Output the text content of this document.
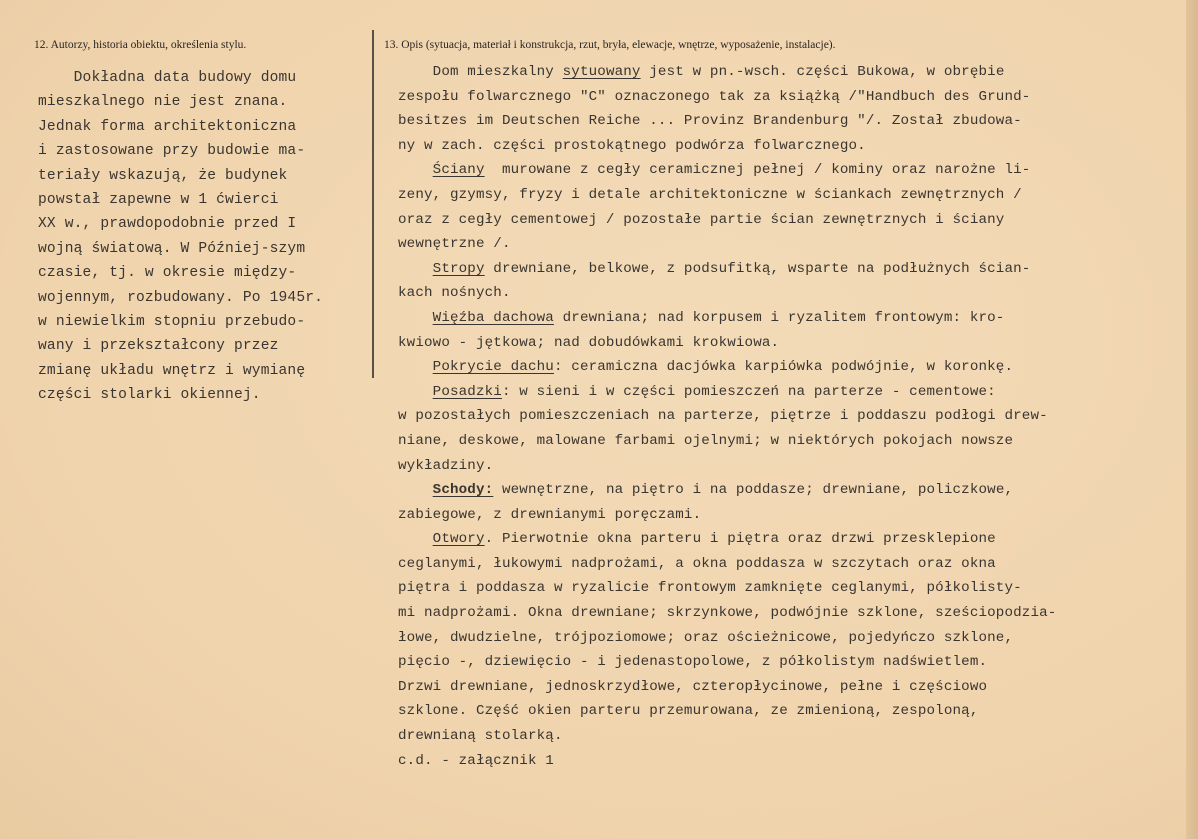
12. Autorzy, historia obiektu, określenia stylu.	13. Opis (sytuacja, materiał i konstrukcja, rzut, bryła, elewacje, wnętrze, wyposażenie, instalacje).
Dokładna data budowy domu
mieszkalnego nie jest znana.
Jednak forma architektoniczna
i zastosowane przy budowie ma-
teriały wskazują, że budynek
powstał zapewne w 1 ćwierci
XX w., prawdopodobnie przed I
wojną światową. W Później-szym
czasie, tj. w okresie między-
wojennym, rozbudowany. Po 1945r.
w niewielkim stopniu przebudo-
wany i przekształcony przez
zmianę układu wnętrz i wymianę
części stolarki okiennej.
Dom mieszkalny sytuowany jest w pn.-wsch. części Bukowa, w obrębie
zespołu folwarcznego "C" oznaczonego tak za książką /"Handbuch des Grund-
besitzes im Deutschen Reiche ... Provinz Brandenburg "/. Został zbudowa-
ny w zach. części prostokątnego podwórza folwarcznego.
Ściany  murowane z cegły ceramicznej pełnej / kominy oraz narożne li-
zeny, gzymsy, fryzy i detale architektoniczne w ściankach zewnętrznych /
oraz z cegły cementowej / pozostałe partie ścian zewnętrznych i ściany
wewnętrzne /.
Stropy drewniane, belkowe, z podsufitką, wsparte na podłużnych ścian-
kach nośnych.
Więźba dachowa drewniana; nad korpusem i ryzalitem frontowym: kro-
kwiowo - jętkowa; nad dobudówkami krokwiowa.
Pokrycie dachu: ceramiczna dacjówka karpiówka podwójnie, w koronkę.
Posadzki: w sieni i w części pomieszczeń na parterze - cementowe:
w pozostałych pomieszczeniach na parterze, piętrze i poddaszu podłogi drew-
niane, deskowe, malowane farbami ojelnymi; w niektórych pokojach nowsze
wykładziny.
Schody: wewnętrzne, na piętro i na poddasze; drewniane, policzkowe,
zabiegowe, z drewnianymi poręczami.
Otwory. Pierwotnie okna parteru i piętra oraz drzwi przesklepione
ceglanymi, łukowymi nadprożami, a okna poddasza w szczytach oraz okna
piętra i poddasza w ryzalicie frontowym zamknięte ceglanymi, półkolisty-
mi nadprożami. Okna drewniane; skrzynkowe, podwójnie szklone, sześciopodzia-
łowe, dwudzielne, trójpoziomowe; oraz ościeżnicowe, pojedyńczo szklone,
pięcio -, dziewięcio - i jedenastopolowe, z półkolistym nadświetlem.
Drzwi drewniane, jednoskrzydłowe, czteropłycinowe, pełne i częściowo
szklone. Część okien parteru przemurowana, ze zmienioną, zespoloną,
drewnianą stolarką.
c.d. - załącznik 1
